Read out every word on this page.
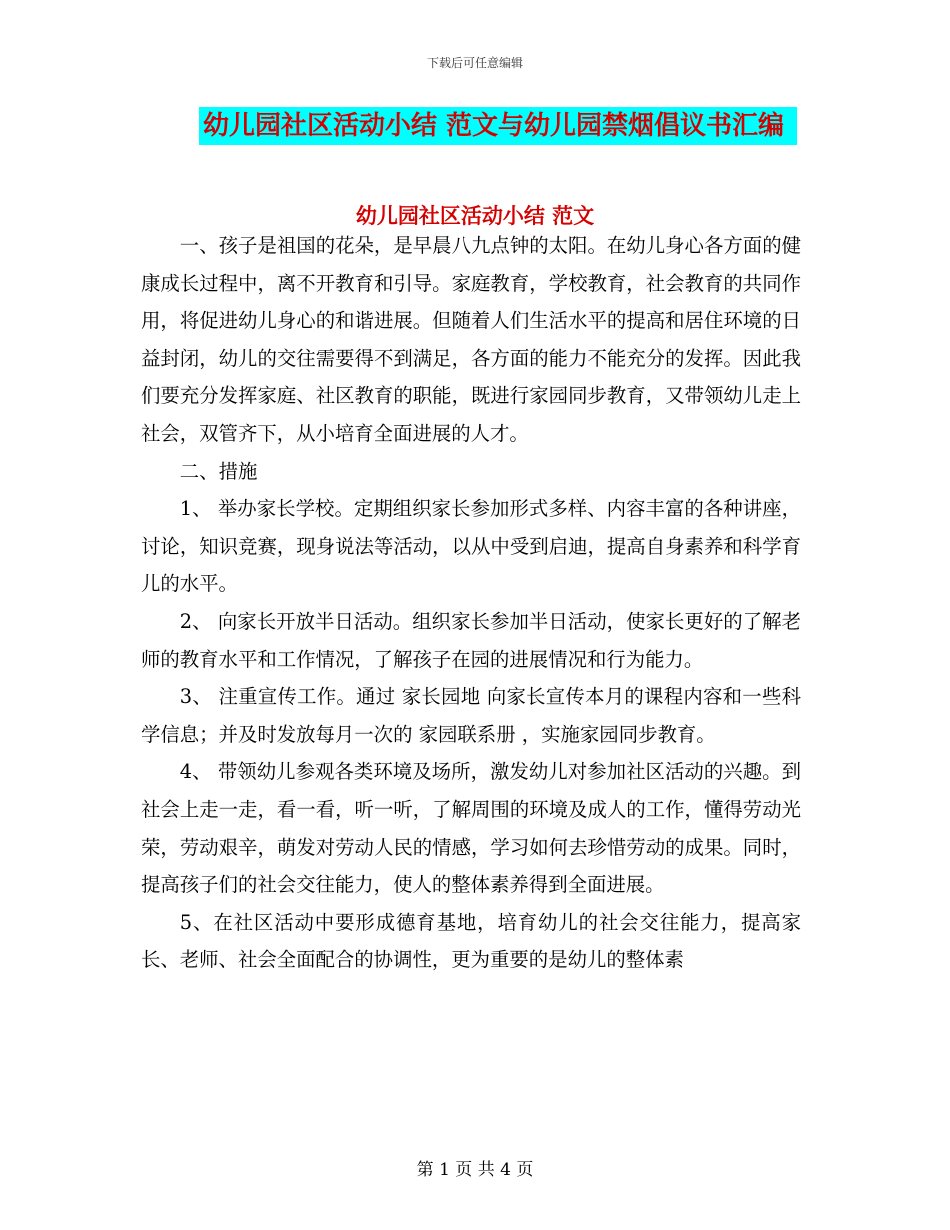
下载后可任意编辑
幼儿园社区活动小结 范文与幼儿园禁烟倡议书汇编
幼儿园社区活动小结 范文

一、孩子是祖国的花朵，是早晨八九点钟的太阳。在幼儿身心各方面的健康成长过程中，离不开教育和引导。家庭教育，学校教育，社会教育的共同作用，将促进幼儿身心的和谐进展。但随着人们生活水平的提高和居住环境的日益封闭，幼儿的交往需要得不到满足，各方面的能力不能充分的发挥。因此我们要充分发挥家庭、社区教育的职能，既进行家园同步教育，又带领幼儿走上社会，双管齐下，从小培育全面进展的人才。

二、措施

1、 举办家长学校。定期组织家长参加形式多样、内容丰富的各种讲座，讨论，知识竞赛，现身说法等活动，以从中受到启迪，提高自身素养和科学育儿的水平。

2、 向家长开放半日活动。组织家长参加半日活动，使家长更好的了解老师的教育水平和工作情况，了解孩子在园的进展情况和行为能力。

3、 注重宣传工作。通过 家长园地 向家长宣传本月的课程内容和一些科学信息；并及时发放每月一次的 家园联系册 ，实施家园同步教育。

4、 带领幼儿参观各类环境及场所，激发幼儿对参加社区活动的兴趣。到社会上走一走，看一看，听一听，了解周围的环境及成人的工作，懂得劳动光荣，劳动艰辛，萌发对劳动人民的情感，学习如何去珍惜劳动的成果。同时，提高孩子们的社会交往能力，使人的整体素养得到全面进展。

5、在社区活动中要形成德育基地，培育幼儿的社会交往能力，提高家长、老师、社会全面配合的协调性，更为重要的是幼儿的整体素

第 1 页 共 4 页
